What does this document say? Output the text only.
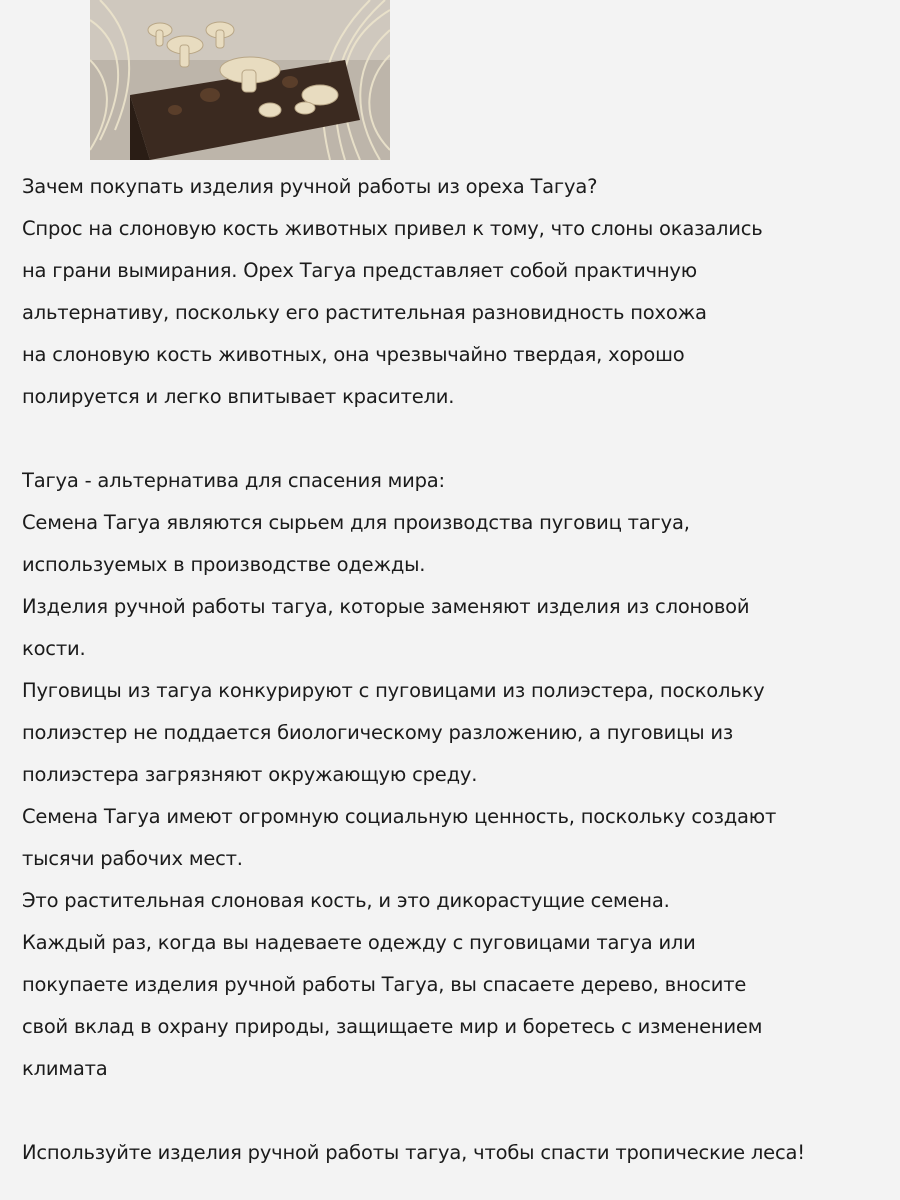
Зачем покупать изделия ручной работы из ореха Тагуа?
Спрос на слоновую кость животных привел к тому, что слоны оказались
на грани вымирания. Орех Тагуа представляет собой практичную
альтернативу, поскольку его растительная разновидность похожа
на слоновую кость животных, она чрезвычайно твердая, хорошо
полируется и легко впитывает красители.
Тагуа - альтернатива для спасения мира:
Семена Тагуа являются сырьем для производства пуговиц тагуа,
используемых в производстве одежды.
Изделия ручной работы тагуа, которые заменяют изделия из слоновой
кости.
Пуговицы из тагуа конкурируют с пуговицами из полиэстера, поскольку
полиэстер не поддается биологическому разложению, а пуговицы из
полиэстера загрязняют окружающую среду.
Семена Тагуа имеют огромную социальную ценность, поскольку создают
тысячи рабочих мест.
Это растительная слоновая кость, и это дикорастущие семена.
Каждый раз, когда вы надеваете одежду с пуговицами тагуа или
покупаете изделия ручной работы Тагуа, вы спасаете дерево, вносите
свой вклад в охрану природы, защищаете мир и боретесь с изменением
климата
Используйте изделия ручной работы тагуа, чтобы спасти тропические леса!
